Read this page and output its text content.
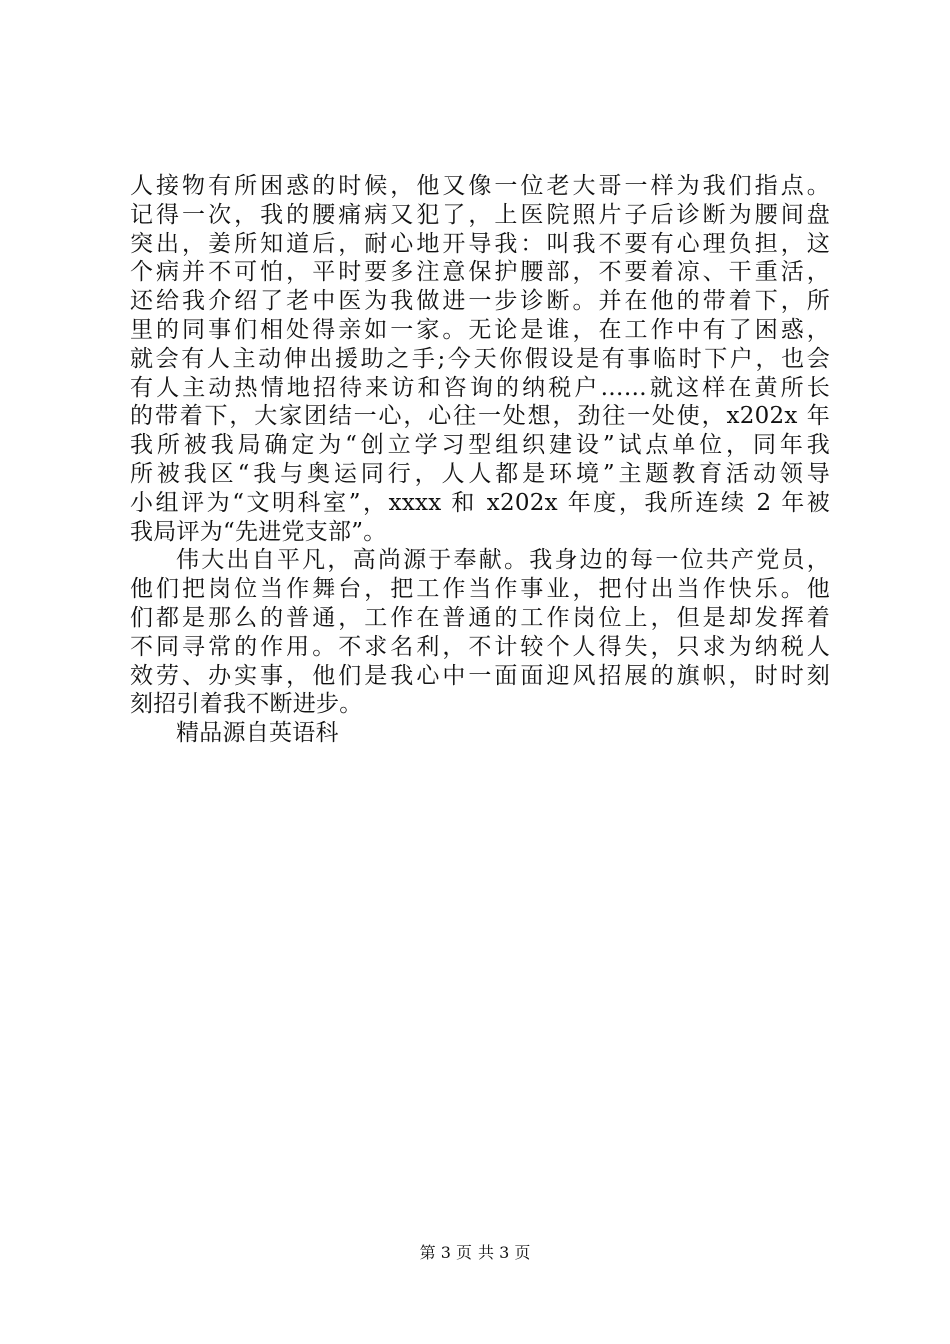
人接物有所困惑的时候，他又像一位老大哥一样为我们指点。
记得一次，我的腰痛病又犯了，上医院照片子后诊断为腰间盘
突出，姜所知道后，耐心地开导我：叫我不要有心理负担，这
个病并不可怕，平时要多注意保护腰部，不要着凉、干重活，
还给我介绍了老中医为我做进一步诊断。并在他的带着下，所
里的同事们相处得亲如一家。无论是谁，在工作中有了困惑，
就会有人主动伸出援助之手;今天你假设是有事临时下户，也会
有人主动热情地招待来访和咨询的纳税户……就这样在黄所长
的带着下，大家团结一心，心往一处想，劲往一处使，x202x 年
我所被我局确定为“创立学习型组织建设”试点单位，同年我
所被我区“我与奥运同行，人人都是环境”主题教育活动领导
小组评为“文明科室”，xxxx 和 x202x 年度，我所连续 2 年被
我局评为“先进党支部”。
伟大出自平凡，高尚源于奉献。我身边的每一位共产党员，
他们把岗位当作舞台，把工作当作事业，把付出当作快乐。他
们都是那么的普通，工作在普通的工作岗位上，但是却发挥着
不同寻常的作用。不求名利，不计较个人得失，只求为纳税人
效劳、办实事，他们是我心中一面面迎风招展的旗帜，时时刻
刻招引着我不断进步。
精品源自英语科
第 3 页 共 3 页
